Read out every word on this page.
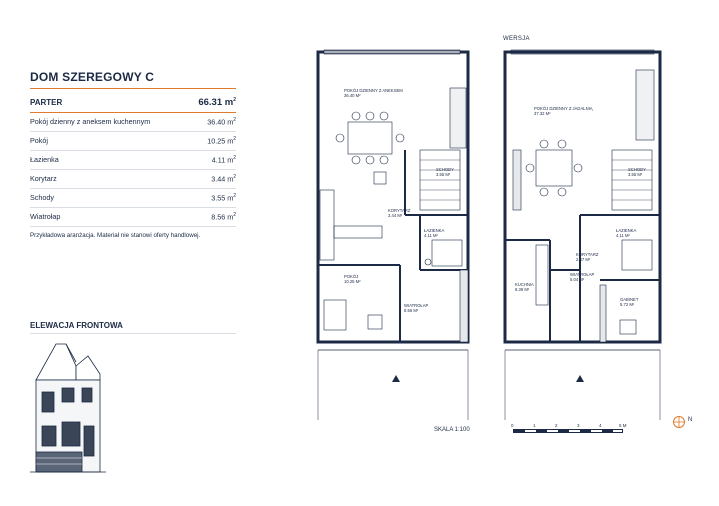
DOM SZEREGOWY C
PARTER	66.31 $m^2$
Pokój dzienny z aneksem kuchennym	36.40 $m^2$
Pokój	10.25 $m^2$
Łazienka	4.11 $m^2$
Korytarz	3.44 $m^2$
Schody	3.55 $m^2$
Wiatrołap	8.56 $m^2$
Przykładowa aranżacja. Materiał nie stanowi oferty handlowej.
ELEWACJA FRONTOWA
POKÓJ DZIENNY Z ANEKSEM
36.40 M²
SCHODY
3.55 M²
KORYTARZ
3.44 M²
ŁAZIENKA
4.11 M²
POKÓJ
10.25 M²
WIATROŁAP
8.56 M²
WERSJA
POKÓJ DZIENNY Z JADALNIĄ
37.32 M²
SCHODY
3.55 M²
KORYTARZ
2.67 M²
ŁAZIENKA
4.11 M²
KUCHNIA
8.39 M²
WIATROŁAP
5.04 M²
GABINET
5.72 M²
SKALA 1:100
0	1	2	3	4	5 M
N
